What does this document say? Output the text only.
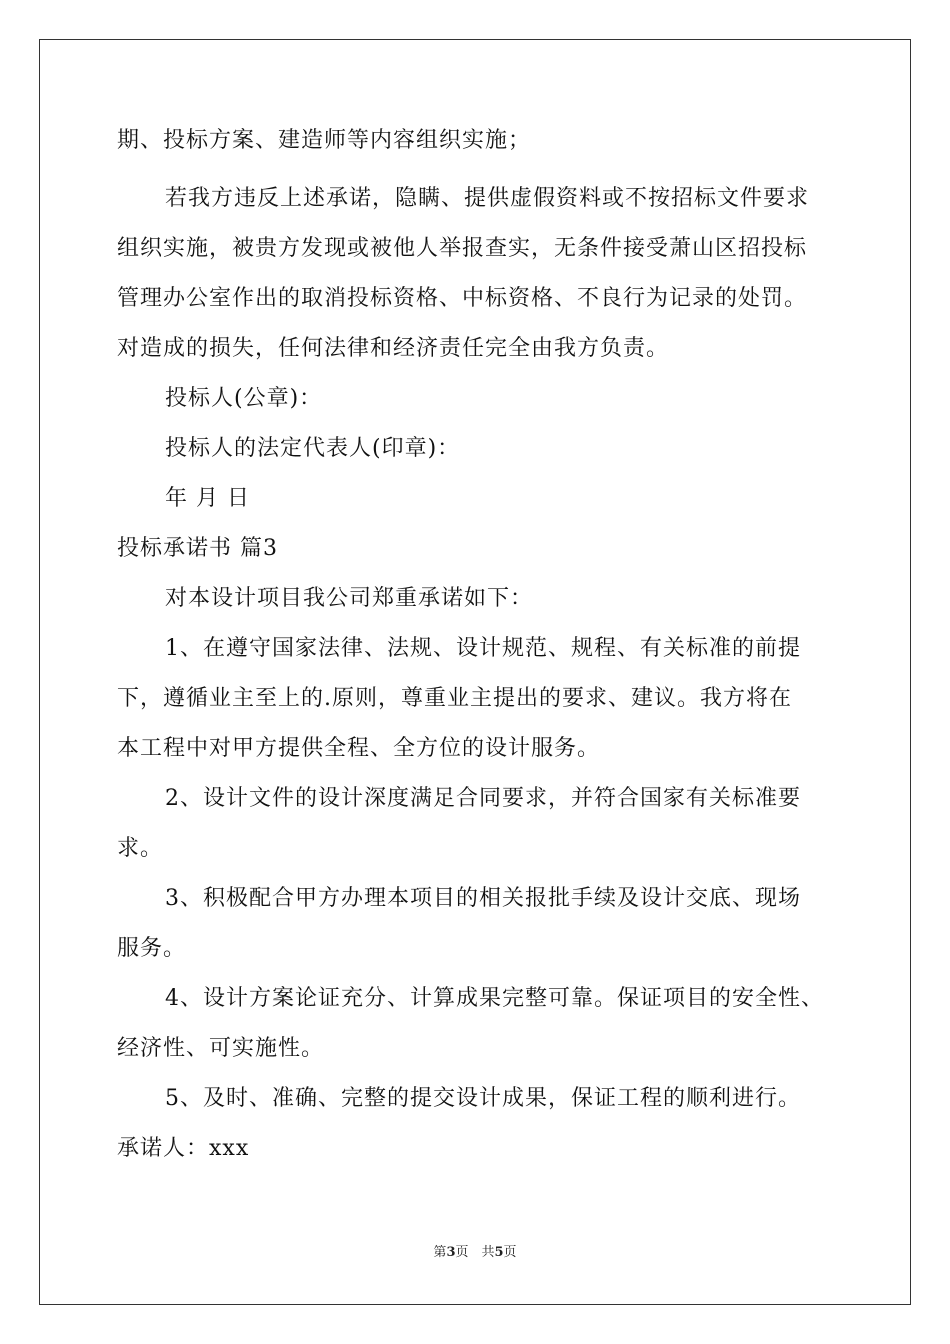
期、投标方案、建造师等内容组织实施；
若我方违反上述承诺，隐瞒、提供虚假资料或不按招标文件要求
组织实施，被贵方发现或被他人举报查实，无条件接受萧山区招投标
管理办公室作出的取消投标资格、中标资格、不良行为记录的处罚。
对造成的损失，任何法律和经济责任完全由我方负责。
投标人(公章)：
投标人的法定代表人(印章)：
年 月 日
投标承诺书 篇3
对本设计项目我公司郑重承诺如下：
1、在遵守国家法律、法规、设计规范、规程、有关标准的前提
下，遵循业主至上的.原则，尊重业主提出的要求、建议。我方将在
本工程中对甲方提供全程、全方位的设计服务。
2、设计文件的设计深度满足合同要求，并符合国家有关标准要
求。
3、积极配合甲方办理本项目的相关报批手续及设计交底、现场
服务。
4、设计方案论证充分、计算成果完整可靠。保证项目的安全性、
经济性、可实施性。
5、及时、准确、完整的提交设计成果，保证工程的顺利进行。
承诺人：xxx
第3页　共5页
